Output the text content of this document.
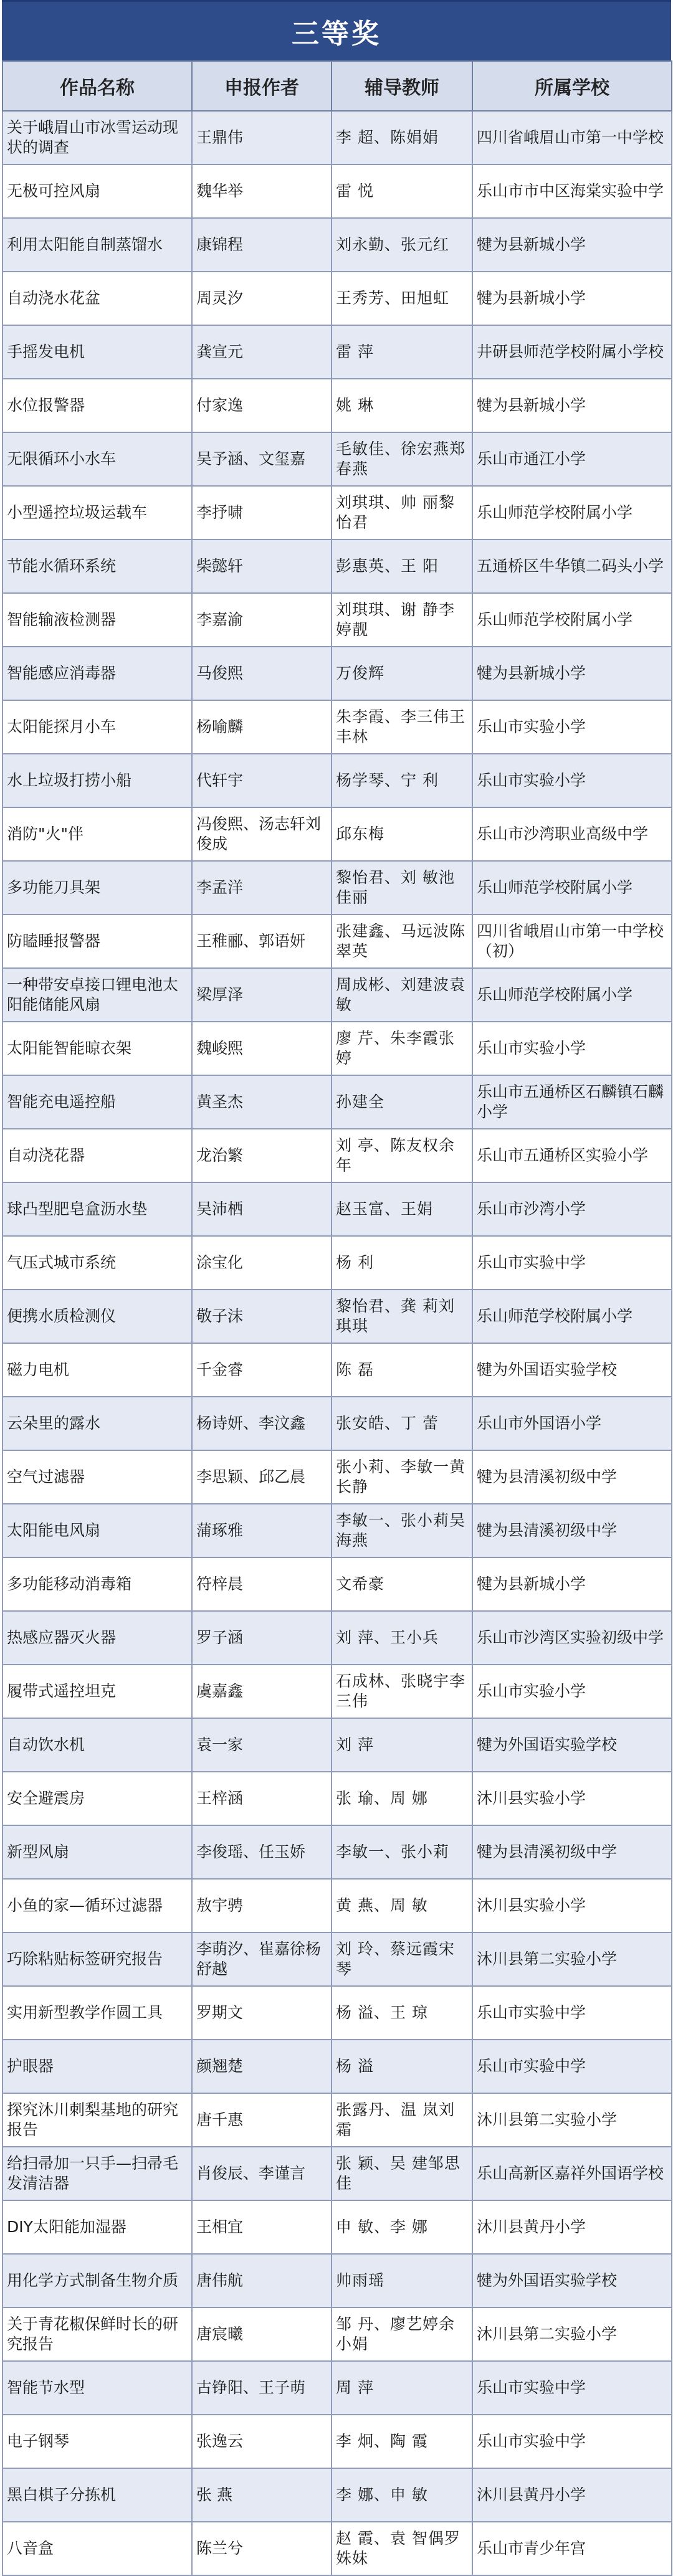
三等奖
作品名称	申报作者	辅导教师	所属学校
关于峨眉山市冰雪运动现状的调查	王鼎伟	李 超、陈娟娟	四川省峨眉山市第一中学校
无极可控风扇	魏华举	雷 悦	乐山市市中区海棠实验中学
利用太阳能自制蒸馏水	康锦程	刘永勤、张元红	犍为县新城小学
自动浇水花盆	周灵汐	王秀芳、田旭虹	犍为县新城小学
手摇发电机	龚宣元	雷 萍	井研县师范学校附属小学校
水位报警器	付家逸	姚 琳	犍为县新城小学
无限循环小水车	吴予涵、文玺嘉	毛敏佳、徐宏燕郑春燕	乐山市通江小学
小型遥控垃圾运载车	李抒啸	刘琪琪、帅 丽黎怡君	乐山师范学校附属小学
节能水循环系统	柴懿轩	彭惠英、王 阳	五通桥区牛华镇二码头小学
智能输液检测器	李嘉渝	刘琪琪、谢 静李婷靓	乐山师范学校附属小学
智能感应消毒器	马俊熙	万俊辉	犍为县新城小学
太阳能探月小车	杨喻麟	朱李霞、李三伟王丰林	乐山市实验小学
水上垃圾打捞小船	代轩宇	杨学琴、宁 利	乐山市实验小学
消防"火"伴	冯俊熙、汤志轩刘俊成	邱东梅	乐山市沙湾职业高级中学
多功能刀具架	李孟洋	黎怡君、刘 敏池佳丽	乐山师范学校附属小学
防瞌睡报警器	王稚郦、郭语妍	张建鑫、马远波陈翠英	四川省峨眉山市第一中学校（初）
一种带安卓接口锂电池太阳能储能风扇	梁厚泽	周成彬、刘建波袁敏	乐山师范学校附属小学
太阳能智能晾衣架	魏峻熙	廖 芹、朱李霞张 婷	乐山市实验小学
智能充电遥控船	黄圣杰	孙建全	乐山市五通桥区石麟镇石麟小学
自动浇花器	龙治繁	刘 亭、陈友权余 年	乐山市五通桥区实验小学
球凸型肥皂盒沥水垫	吴沛栖	赵玉富、王娟	乐山市沙湾小学
气压式城市系统	涂宝化	杨 利	乐山市实验中学
便携水质检测仪	敬子沫	黎怡君、龚 莉刘琪琪	乐山师范学校附属小学
磁力电机	千金睿	陈 磊	犍为外国语实验学校
云朵里的露水	杨诗妍、李汶鑫	张安皓、丁 蕾	乐山市外国语小学
空气过滤器	李思颖、邱乙晨	张小莉、李敏一黄长静	犍为县清溪初级中学
太阳能电风扇	蒲琢雅	李敏一、张小莉吴海燕	犍为县清溪初级中学
多功能移动消毒箱	符梓晨	文希豪	犍为县新城小学
热感应器灭火器	罗子涵	刘 萍、王小兵	乐山市沙湾区实验初级中学
履带式遥控坦克	虞嘉鑫	石成林、张晓宇李三伟	乐山市实验小学
自动饮水机	袁一家	刘 萍	犍为外国语实验学校
安全避震房	王梓涵	张 瑜、周 娜	沐川县实验小学
新型风扇	李俊瑶、任玉娇	李敏一、张小莉	犍为县清溪初级中学
小鱼的家—循环过滤器	敖宇骋	黄 燕、周 敏	沐川县实验小学
巧除粘贴标签研究报告	李萌汐、崔嘉徐杨舒越	刘 玲、蔡远霞宋 琴	沐川县第二实验小学
实用新型教学作圆工具	罗期文	杨 溢、王 琼	乐山市实验中学
护眼器	颜翘楚	杨 溢	乐山市实验中学
探究沐川刺梨基地的研究报告	唐千惠	张露丹、温 岚刘 霜	沐川县第二实验小学
给扫帚加一只手—扫帚毛发清洁器	肖俊辰、李谨言	张 颖、吴 建邹思佳	乐山高新区嘉祥外国语学校
DIY太阳能加湿器	王相宜	申 敏、李 娜	沐川县黄丹小学
用化学方式制备生物介质	唐伟航	帅雨瑶	犍为外国语实验学校
关于青花椒保鲜时长的研究报告	唐宸曦	邹 丹、廖艺婷余小娟	沐川县第二实验小学
智能节水型	古铮阳、王子萌	周 萍	乐山市实验中学
电子钢琴	张逸云	李 炯、陶 霞	乐山市实验中学
黑白棋子分拣机	张 燕	李 娜、申 敏	沐川县黄丹小学
八音盒	陈兰兮	赵 霞、袁 智偶罗姝妹	乐山市青少年宫
